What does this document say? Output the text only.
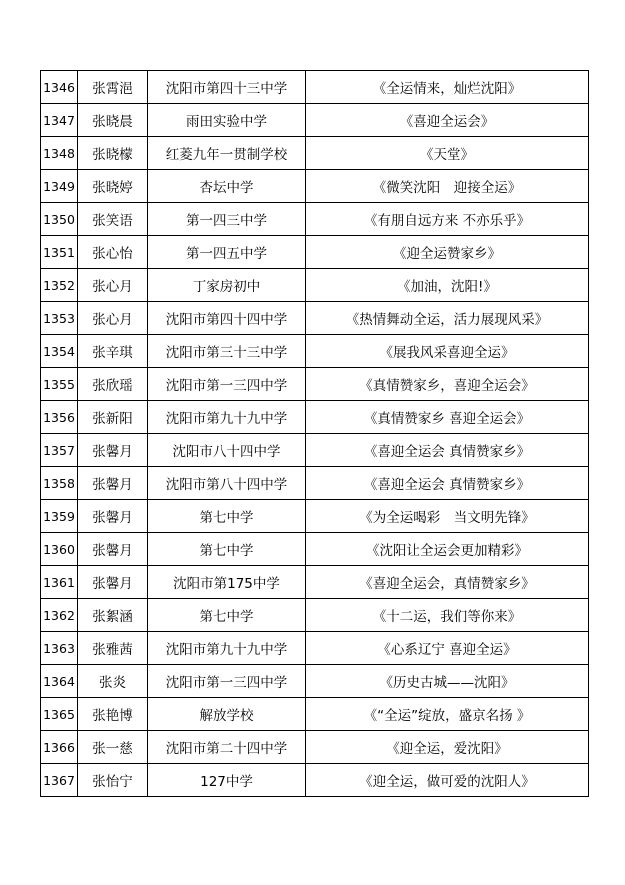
1346	张霄浥	沈阳市第四十三中学	《全运情来，灿烂沈阳》
1347	张晓晨	雨田实验中学	《喜迎全运会》
1348	张晓檬	红菱九年一贯制学校	《天堂》
1349	张晓婷	杏坛中学	《微笑沈阳　迎接全运》
1350	张笑语	第一四三中学	《有朋自远方来 不亦乐乎》
1351	张心怡	第一四五中学	《迎全运赞家乡》
1352	张心月	丁家房初中	《加油，沈阳!》
1353	张心月	沈阳市第四十四中学	《热情舞动全运，活力展现风采》
1354	张辛琪	沈阳市第三十三中学	《展我风采喜迎全运》
1355	张欣瑶	沈阳市第一三四中学	《真情赞家乡，喜迎全运会》
1356	张新阳	沈阳市第九十九中学	《真情赞家乡 喜迎全运会》
1357	张馨月	沈阳市八十四中学	《喜迎全运会 真情赞家乡》
1358	张馨月	沈阳市第八十四中学	《喜迎全运会 真情赞家乡》
1359	张馨月	第七中学	《为全运喝彩　当文明先锋》
1360	张馨月	第七中学	《沈阳让全运会更加精彩》
1361	张馨月	沈阳市第175中学	《喜迎全运会，真情赞家乡》
1362	张絮涵	第七中学	《十二运，我们等你来》
1363	张雅茜	沈阳市第九十九中学	《心系辽宁 喜迎全运》
1364	张炎	沈阳市第一三四中学	《历史古城——沈阳》
1365	张艳博	解放学校	《“全运”绽放，盛京名扬 》
1366	张一慈	沈阳市第二十四中学	《迎全运，爱沈阳》
1367	张怡宁	127中学	《迎全运，做可爱的沈阳人》
